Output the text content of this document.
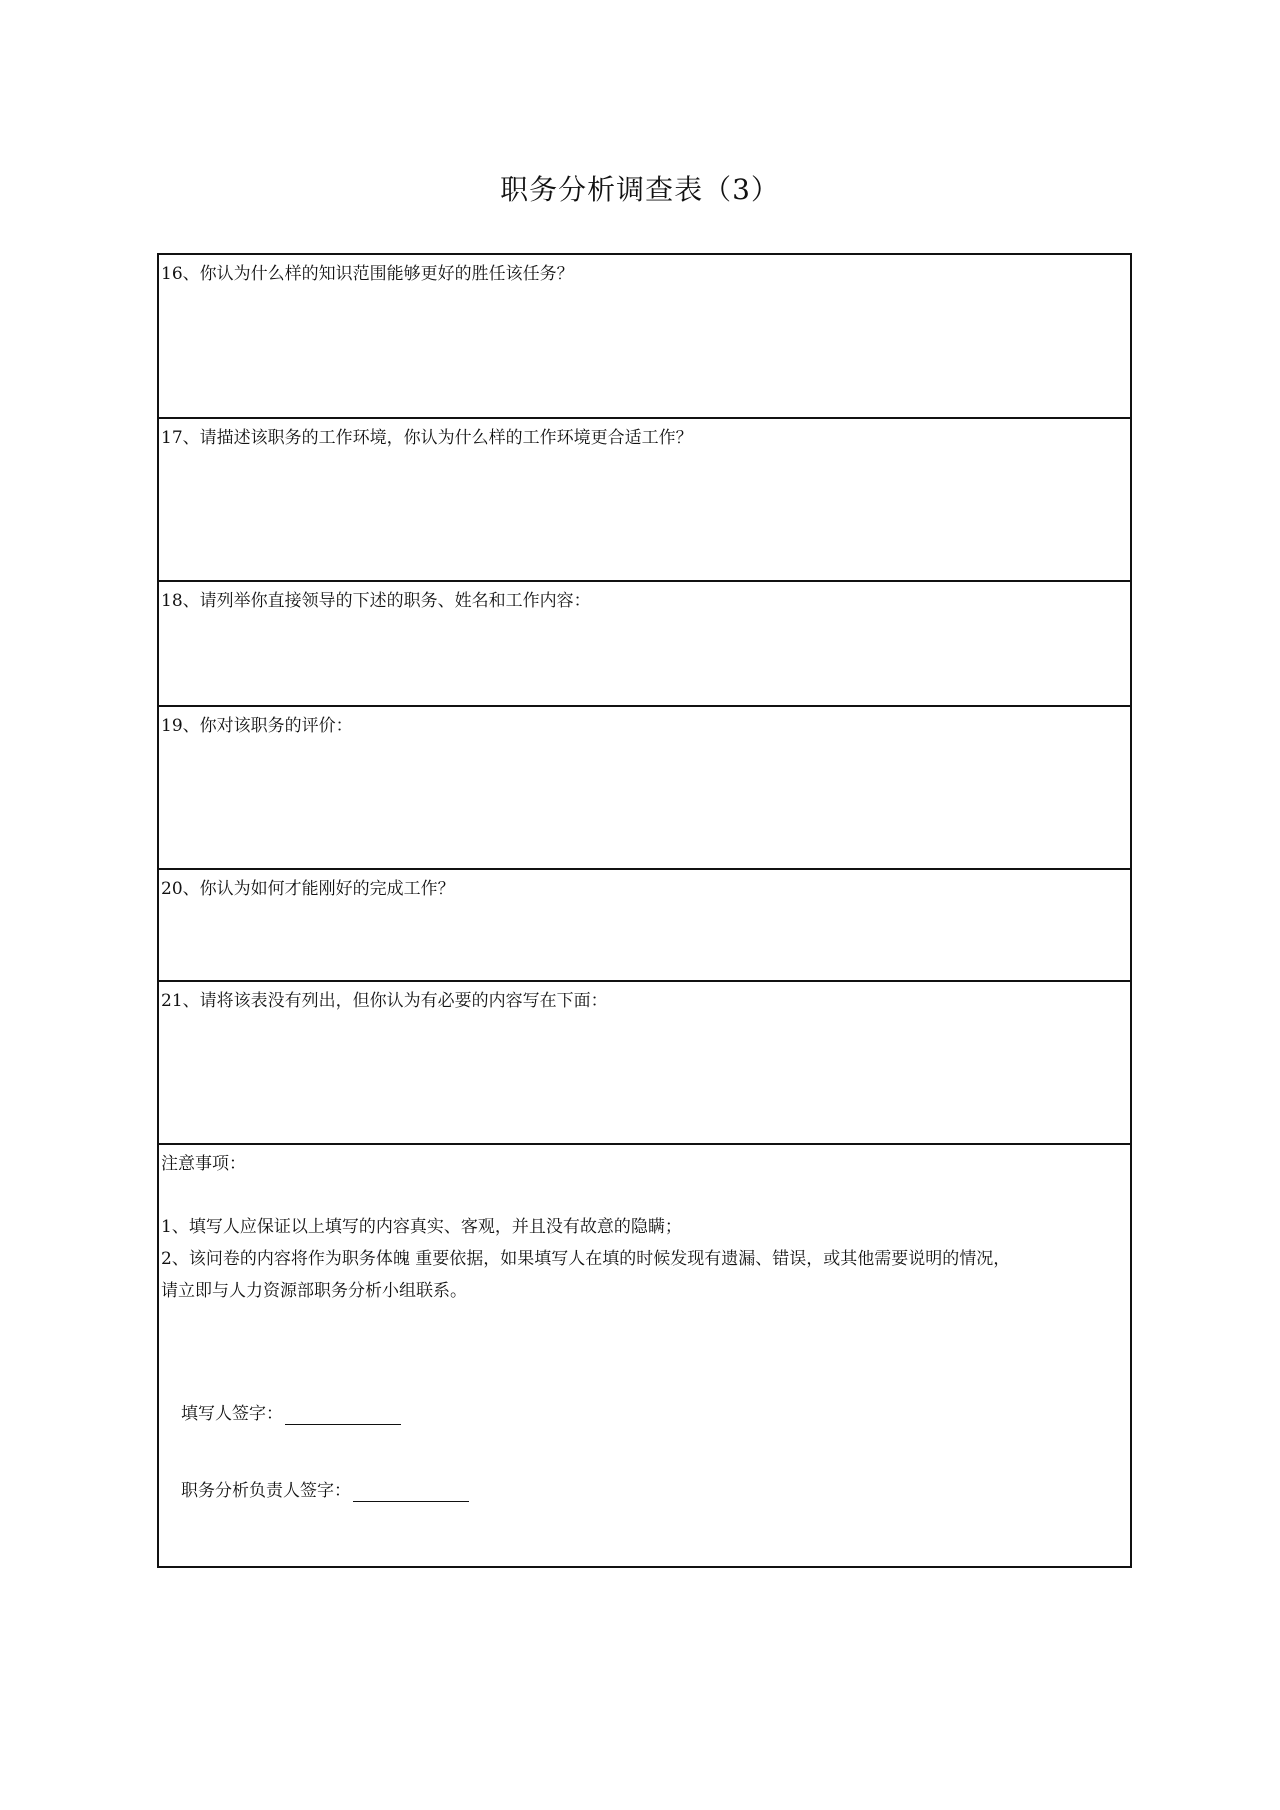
职务分析调查表（3）
16、你认为什么样的知识范围能够更好的胜任该任务？
17、请描述该职务的工作环境，你认为什么样的工作环境更合适工作？
18、请列举你直接领导的下述的职务、姓名和工作内容：
19、你对该职务的评价：
20、你认为如何才能刚好的完成工作？
21、请将该表没有列出，但你认为有必要的内容写在下面：
注意事项：
1、填写人应保证以上填写的内容真实、客观，并且没有故意的隐瞒；
2、该问卷的内容将作为职务体魄 重要依据，如果填写人在填的时候发现有遗漏、错误，或其他需要说明的情况，
请立即与人力资源部职务分析小组联系。
填写人签字：
职务分析负责人签字：
